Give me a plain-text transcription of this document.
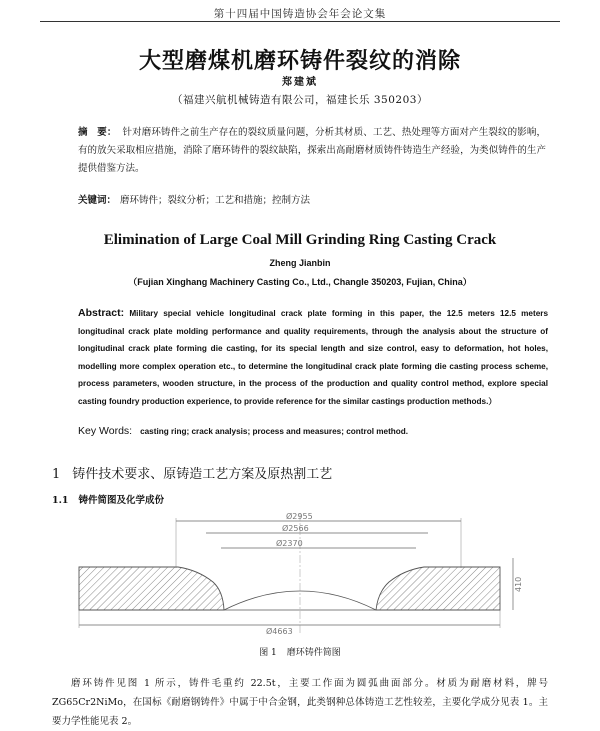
第十四届中国铸造协会年会论文集
大型磨煤机磨环铸件裂纹的消除
郑建斌
（福建兴航机械铸造有限公司，福建长乐 350203）
摘　要： 针对磨环铸件之前生产存在的裂纹质量问题，分析其材质、工艺、热处理等方面对产生裂纹的影响，有的放矢采取相应措施，消除了磨环铸件的裂纹缺陷，探索出高耐磨材质铸件铸造生产经验，为类似铸件的生产提供借鉴方法。
关键词： 磨环铸件；裂纹分析；工艺和措施；控制方法
Elimination of Large Coal Mill Grinding Ring Casting Crack
Zheng Jianbin
（Fujian Xinghang Machinery Casting Co., Ltd., Changle 350203, Fujian, China）
Abstract: Military special vehicle longitudinal crack plate forming in this paper, the 12.5 meters 12.5 meters longitudinal crack plate molding performance and quality requirements, through the analysis about the structure of longitudinal crack plate forming die casting, for its special length and size control, easy to deformation, hot holes, modelling more complex operation etc., to determine the longitudinal crack plate forming die casting process scheme, process parameters, wooden structure, in the process of the production and quality control method, explore special casting foundry production experience, to provide reference for the similar castings production methods.）
Key Words: casting ring; crack analysis; process and measures; control method.
1 铸件技术要求、原铸造工艺方案及原热割工艺
1.1 铸件简图及化学成份
Ø2955
Ø2566
Ø2370
Ø4663
410
图 1 磨环铸件简图
磨环铸件见图 1 所示，铸件毛重约 22.5t，主要工作面为圆弧曲面部分。材质为耐磨材料，牌号ZG65Cr2NiMo，在国标《耐磨钢铸件》中属于中合金钢，此类钢种总体铸造工艺性较差，主要化学成分见表 1。主要力学性能见表 2。
